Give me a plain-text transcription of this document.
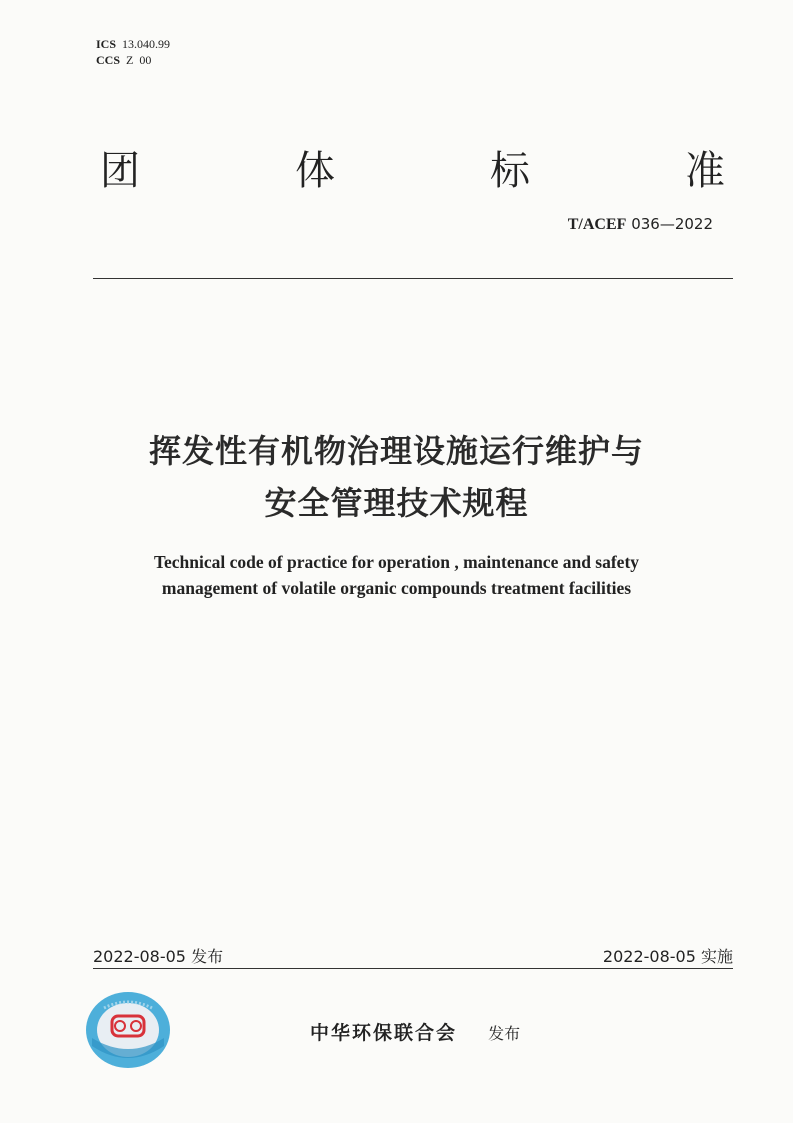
ICS 13.040.99
CCS Z  00
团	体	标	准
T/ACEF 036—2022
挥发性有机物治理设施运行维护与
安全管理技术规程
Technical code of practice for operation , maintenance and safety
management of volatile organic compounds treatment facilities
2022-08-05 发布	2022-08-05 实施
中华环保联合会 发布
